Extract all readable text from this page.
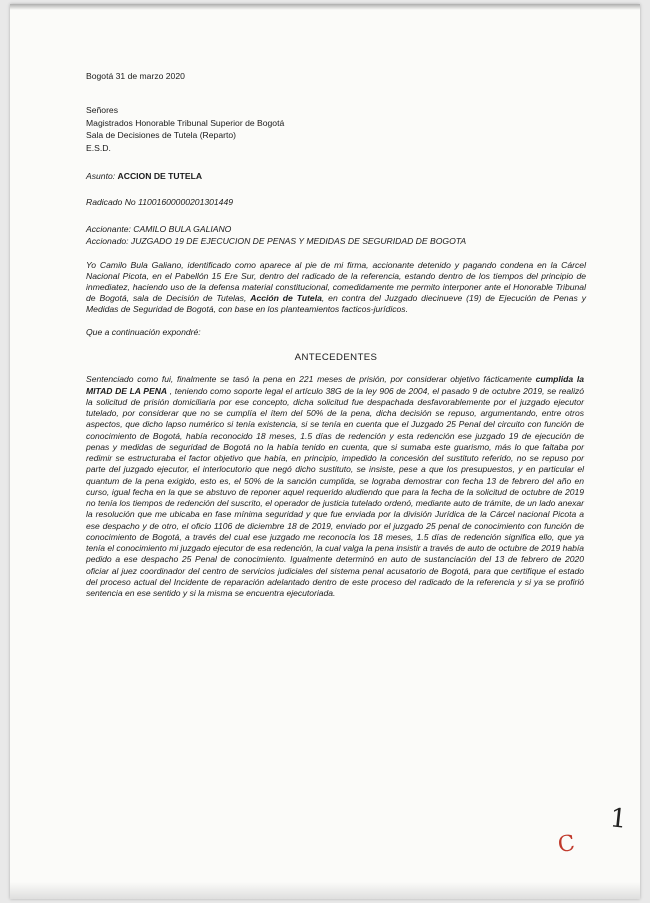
Bogotá 31 de marzo 2020
Señores
Magistrados Honorable Tribunal Superior de Bogotá
Sala de Decisiones de Tutela (Reparto)
E.S.D.
Asunto: ACCION DE TUTELA
Radicado No 11001600000201301449
Accionante: CAMILO BULA GALIANO
Accionado: JUZGADO 19 DE EJECUCION DE PENAS Y MEDIDAS DE SEGURIDAD DE BOGOTA
Yo Camilo Bula Galiano, identificado como aparece al pie de mi firma, accionante detenido y pagando condena en la Cárcel Nacional Picota, en el Pabellón 15 Ere Sur, dentro del radicado de la referencia, estando dentro de los tiempos del principio de inmediatez, haciendo uso de la defensa material constitucional, comedidamente me permito interponer ante el Honorable Tribunal de Bogotá, sala de Decisión de Tutelas, Acción de Tutela, en contra del Juzgado diecinueve (19) de Ejecución de Penas y Medidas de Seguridad de Bogotá, con base en los planteamientos facticos-jurídicos.
Que a continuación expondré:
ANTECEDENTES
Sentenciado como fui, finalmente se tasó la pena en 221 meses de prisión, por considerar objetivo fácticamente cumplida la MITAD DE LA PENA , teniendo como soporte legal el artículo 38G de la ley 906 de 2004, el pasado 9 de octubre 2019, se realizó la solicitud de prisión domiciliaria por ese concepto, dicha solicitud fue despachada desfavorablemente por el juzgado ejecutor tutelado, por considerar que no se cumplía el ítem del 50% de la pena, dicha decisión se repuso, argumentando, entre otros aspectos, que dicho lapso numérico si tenía existencia, si se tenía en cuenta que el Juzgado 25 Penal del circuito con función de conocimiento de Bogotá, había reconocido 18 meses, 1.5 días de redención y esta redención ese juzgado 19 de ejecución de penas y medidas de seguridad de Bogotá no la había tenido en cuenta, que si sumaba este guarismo, más lo que faltaba por redimir se estructuraba el factor objetivo que había, en principio, impedido la concesión del sustituto referido, no se repuso por parte del juzgado ejecutor, el interlocutorio que negó dicho sustituto, se insiste, pese a que los presupuestos, y en particular el quantum de la pena exigido, esto es, el 50% de la sanción cumplida, se lograba demostrar con fecha 13 de febrero del año en curso, igual fecha en la que se abstuvo de reponer aquel requerido aludiendo que para la fecha de la solicitud de octubre de 2019 no tenía los tiempos de redención del suscrito, el operador de justicia tutelado ordenó, mediante auto de trámite, de un lado anexar la resolución que me ubicaba en fase mínima seguridad y que fue enviada por la división Jurídica de la Cárcel nacional Picota a ese despacho y de otro, el oficio 1106 de diciembre 18 de 2019, enviado por el juzgado 25 penal de conocimiento con función de conocimiento de Bogotá, a través del cual ese juzgado me reconocía los 18 meses, 1.5 días de redención significa ello, que ya tenía el conocimiento mi juzgado ejecutor de esa redención, la cual valga la pena insistir a través de auto de octubre de 2019 había pedido a ese despacho 25 Penal de conocimiento. Igualmente determinó en auto de sustanciación del 13 de febrero de 2020 oficiar al juez coordinador del centro de servicios judiciales del sistema penal acusatorio de Bogotá, para que certifique el estado del proceso actual del Incidente de reparación adelantado dentro de este proceso del radicado de la referencia y si ya se profirió sentencia en ese sentido y si la misma se encuentra ejecutoriada.
1
C
